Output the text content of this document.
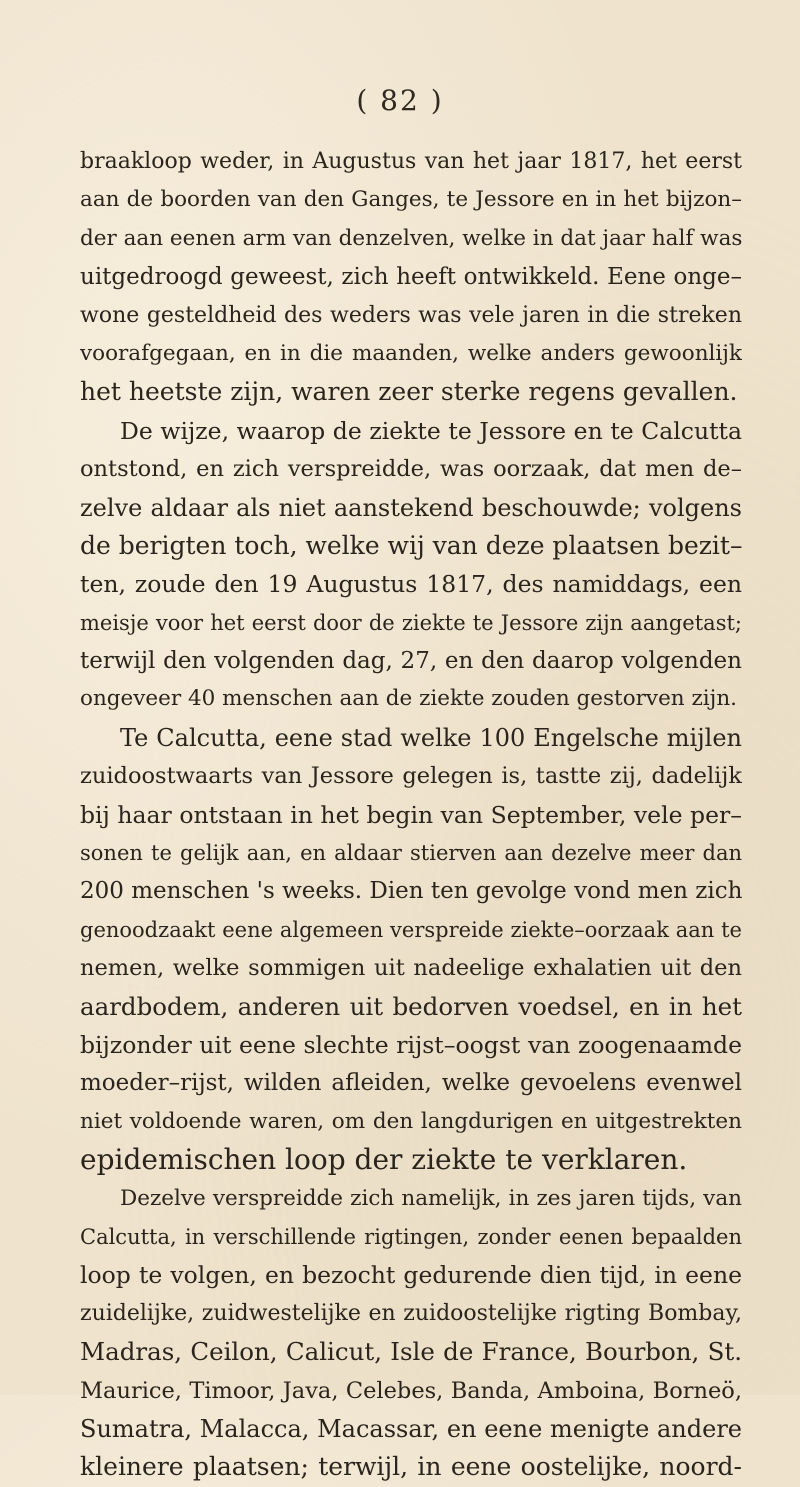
( 82 )
braakloop weder, in Augustus van het jaar 1817, het eerst
aan de boorden van den Ganges, te Jessore en in het bijzon–
der aan eenen arm van denzelven, welke in dat jaar half was
uitgedroogd geweest, zich heeft ontwikkeld. Eene onge–
wone gesteldheid des weders was vele jaren in die streken
voorafgegaan, en in die maanden, welke anders gewoonlijk
het heetste zijn, waren zeer sterke regens gevallen.
De wijze, waarop de ziekte te Jessore en te Calcutta
ontstond, en zich verspreidde, was oorzaak, dat men de–
zelve aldaar als niet aanstekend beschouwde; volgens
de berigten toch, welke wij van deze plaatsen bezit–
ten, zoude den 19 Augustus 1817, des namiddags, een
meisje voor het eerst door de ziekte te Jessore zijn aangetast;
terwijl den volgenden dag, 27, en den daarop volgenden
ongeveer 40 menschen aan de ziekte zouden gestorven zijn.
Te Calcutta, eene stad welke 100 Engelsche mijlen
zuidoostwaarts van Jessore gelegen is, tastte zij, dadelijk
bij haar ontstaan in het begin van September, vele per–
sonen te gelijk aan, en aldaar stierven aan dezelve meer dan
200 menschen 's weeks. Dien ten gevolge vond men zich
genoodzaakt eene algemeen verspreide ziekte–oorzaak aan te
nemen, welke sommigen uit nadeelige exhalatien uit den
aardbodem, anderen uit bedorven voedsel, en in het
bijzonder uit eene slechte rijst–oogst van zoogenaamde
moeder–rijst, wilden afleiden, welke gevoelens evenwel
niet voldoende waren, om den langdurigen en uitgestrekten
epidemischen loop der ziekte te verklaren.
Dezelve verspreidde zich namelijk, in zes jaren tijds, van
Calcutta, in verschillende rigtingen, zonder eenen bepaalden
loop te volgen, en bezocht gedurende dien tijd, in eene
zuidelijke, zuidwestelijke en zuidoostelijke rigting Bombay,
Madras, Ceilon, Calicut, Isle de France, Bourbon, St.
Maurice, Timoor, Java, Celebes, Banda, Amboina, Borneö,
Sumatra, Malacca, Macassar, en eene menigte andere
kleinere plaatsen; terwijl, in eene oostelijke, noord-
